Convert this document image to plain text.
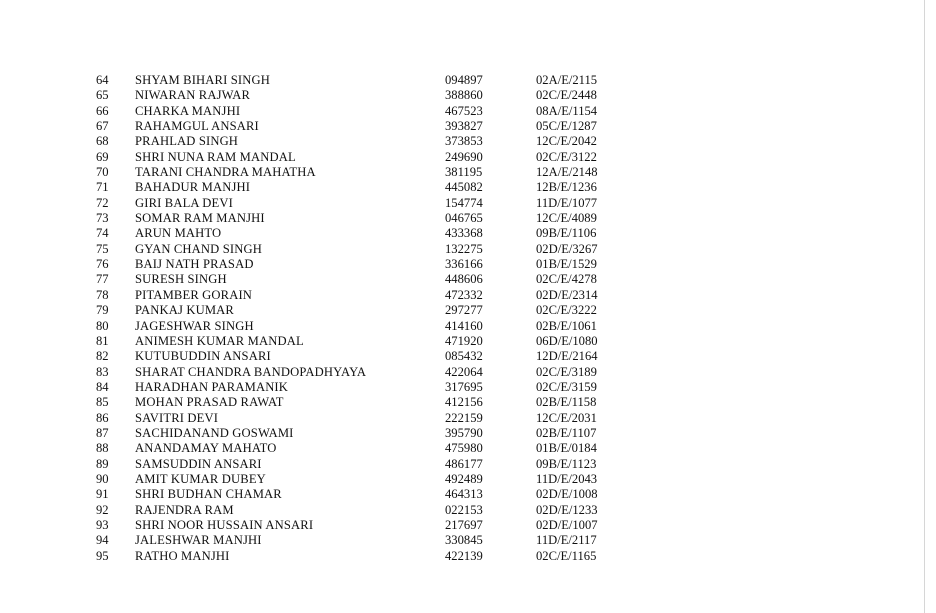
64	SHYAM BIHARI SINGH	094897	02A/E/2115
65	NIWARAN RAJWAR	388860	02C/E/2448
66	CHARKA MANJHI	467523	08A/E/1154
67	RAHAMGUL ANSARI	393827	05C/E/1287
68	PRAHLAD SINGH	373853	12C/E/2042
69	SHRI NUNA RAM MANDAL	249690	02C/E/3122
70	TARANI CHANDRA MAHATHA	381195	12A/E/2148
71	BAHADUR MANJHI	445082	12B/E/1236
72	GIRI BALA DEVI	154774	11D/E/1077
73	SOMAR RAM MANJHI	046765	12C/E/4089
74	ARUN MAHTO	433368	09B/E/1106
75	GYAN CHAND SINGH	132275	02D/E/3267
76	BAIJ NATH PRASAD	336166	01B/E/1529
77	SURESH SINGH	448606	02C/E/4278
78	PITAMBER GORAIN	472332	02D/E/2314
79	PANKAJ KUMAR	297277	02C/E/3222
80	JAGESHWAR SINGH	414160	02B/E/1061
81	ANIMESH KUMAR MANDAL	471920	06D/E/1080
82	KUTUBUDDIN ANSARI	085432	12D/E/2164
83	SHARAT CHANDRA BANDOPADHYAYA	422064	02C/E/3189
84	HARADHAN PARAMANIK	317695	02C/E/3159
85	MOHAN PRASAD RAWAT	412156	02B/E/1158
86	SAVITRI DEVI	222159	12C/E/2031
87	SACHIDANAND GOSWAMI	395790	02B/E/1107
88	ANANDAMAY MAHATO	475980	01B/E/0184
89	SAMSUDDIN ANSARI	486177	09B/E/1123
90	AMIT KUMAR DUBEY	492489	11D/E/2043
91	SHRI BUDHAN CHAMAR	464313	02D/E/1008
92	RAJENDRA RAM	022153	02D/E/1233
93	SHRI NOOR HUSSAIN ANSARI	217697	02D/E/1007
94	JALESHWAR MANJHI	330845	11D/E/2117
95	RATHO MANJHI	422139	02C/E/1165
